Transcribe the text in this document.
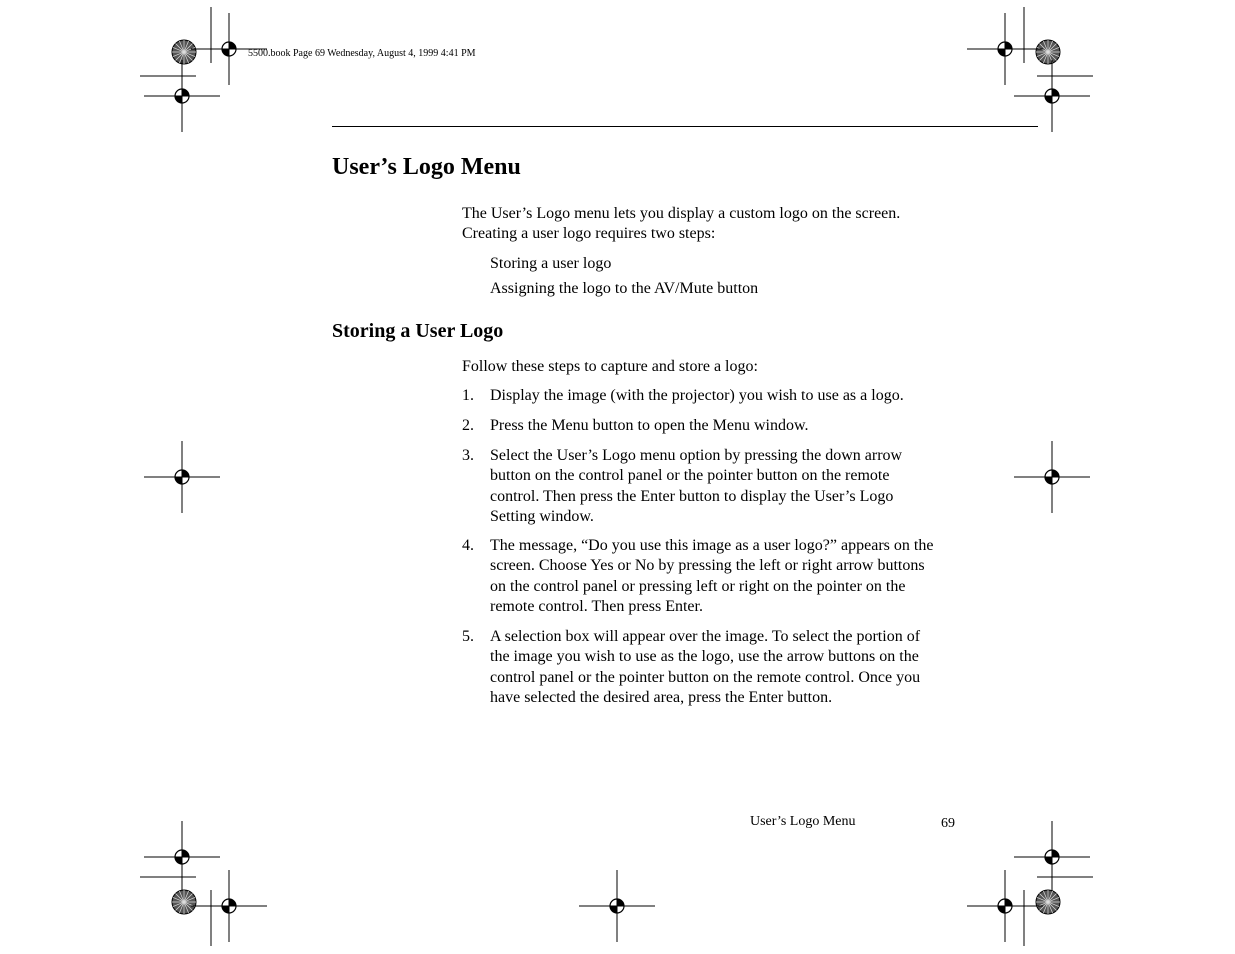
5500.book Page 69 Wednesday, August 4, 1999 4:41 PM
User’s Logo Menu
The User’s Logo menu lets you display a custom logo on the screen.
Creating a user logo requires two steps:
Storing a user logo
Assigning the logo to the AV/Mute button
Storing a User Logo
Follow these steps to capture and store a logo:
1. Display the image (with the projector) you wish to use as a logo.
2. Press the Menu button to open the Menu window.
3. Select the User’s Logo menu option by pressing the down arrow button on the control panel or the pointer button on the remote control. Then press the Enter button to display the User’s Logo Setting window.
4. The message, “Do you use this image as a user logo?” appears on the screen. Choose Yes or No by pressing the left or right arrow buttons on the control panel or pressing left or right on the pointer on the remote control. Then press Enter.
5. A selection box will appear over the image. To select the portion of the image you wish to use as the logo, use the arrow buttons on the control panel or the pointer button on the remote control. Once you have selected the desired area, press the Enter button.
User’s Logo Menu	69
